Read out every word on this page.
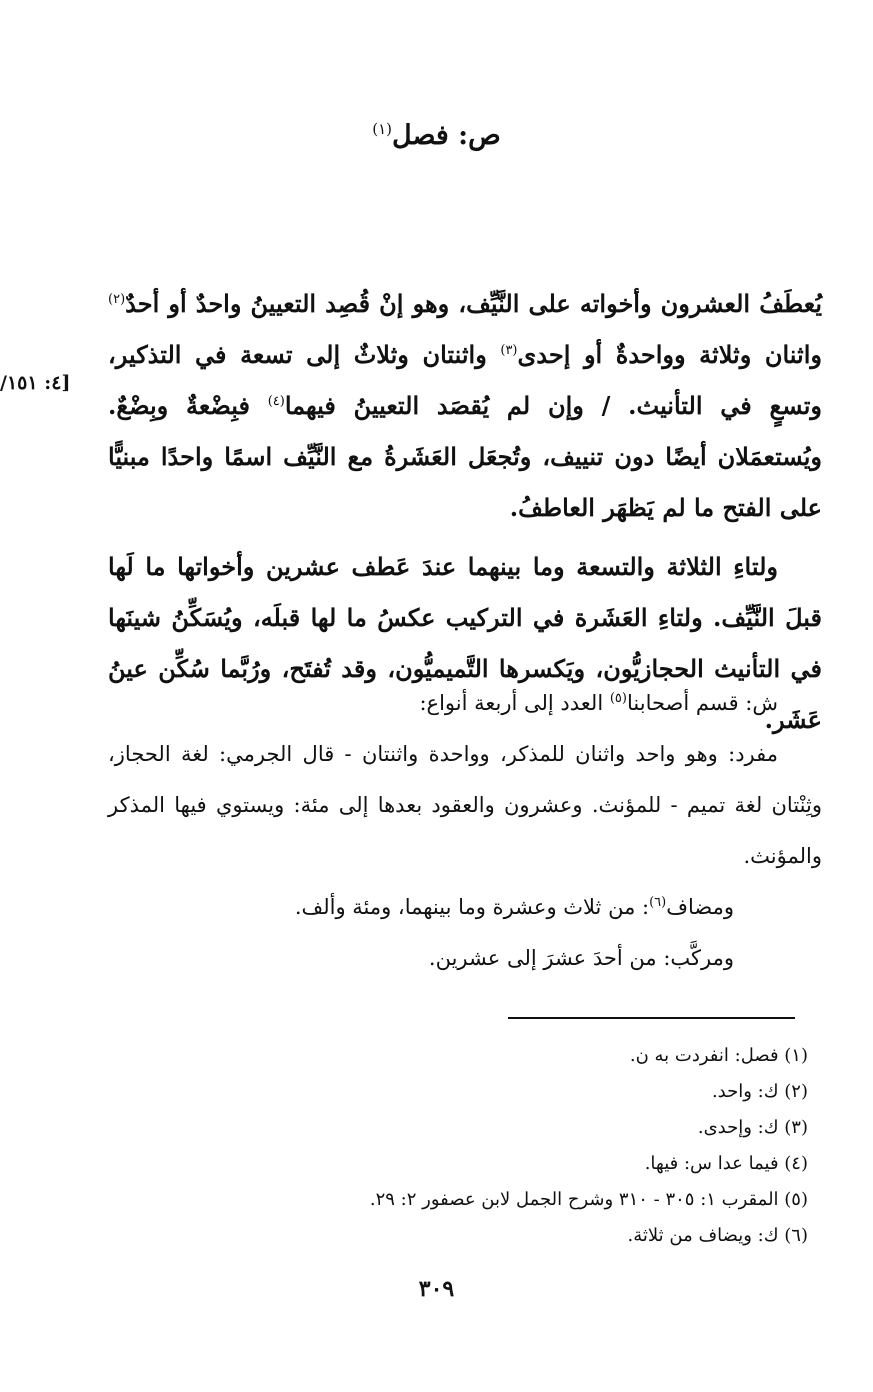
ص: فصل$^{(١)}$
[٤: ١٥١/

يُعطَفُ العشرون وأخواته على النَّيِّف، وهو إنْ قُصِد التعيينُ واحدٌ أو أحدٌ$^{(٢)}$ واثنان وثلاثة وواحدةٌ أو إحدى$^{(٣)}$ واثنتان وثلاثٌ إلى تسعة في التذكير، وتسعٍ في التأنيث. / وإن لم يُقصَد التعيينُ فيهما$^{(٤)}$ فبِضْعةٌ وبِضْعٌ. ويُستعمَلان أيضًا دون تنييف، وتُجعَل العَشَرةُ مع النَّيِّف اسمًا واحدًا مبنيًّا على الفتح ما لم يَظهَر العاطفُ.

ولتاءِ الثلاثة والتسعة وما بينهما عندَ عَطف عشرين وأخواتها ما لَها قبلَ النَّيِّف. ولتاءِ العَشَرة في التركيب عكسُ ما لها قبلَه، ويُسَكِّنُ شينَها في التأنيث الحجازيُّون، ويَكسرها التَّميميُّون، وقد تُفتَح، ورُبَّما سُكِّن عينُ عَشَر.

ش: قسم أصحابنا$^{(٥)}$ العدد إلى أربعة أنواع:

مفرد: وهو واحد واثنان للمذكر، وواحدة واثنتان - قال الجرمي: لغة الحجاز، وثِنْتان لغة تميم - للمؤنث. وعشرون والعقود بعدها إلى مئة: ويستوي فيها المذكر والمؤنث.

ومضاف$^{(٦)}$: من ثلاث وعشرة وما بينهما، ومئة وألف.

ومركَّب: من أحدَ عشرَ إلى عشرين.

(١) فصل: انفردت به ن.

(٢) ك: واحد.

(٣) ك: وإحدى.

(٤) فيما عدا س: فيها.

(٥) المقرب ١: ٣٠٥ - ٣١٠ وشرح الجمل لابن عصفور ٢: ٢٩.

(٦) ك: ويضاف من ثلاثة.

٣٠٩
